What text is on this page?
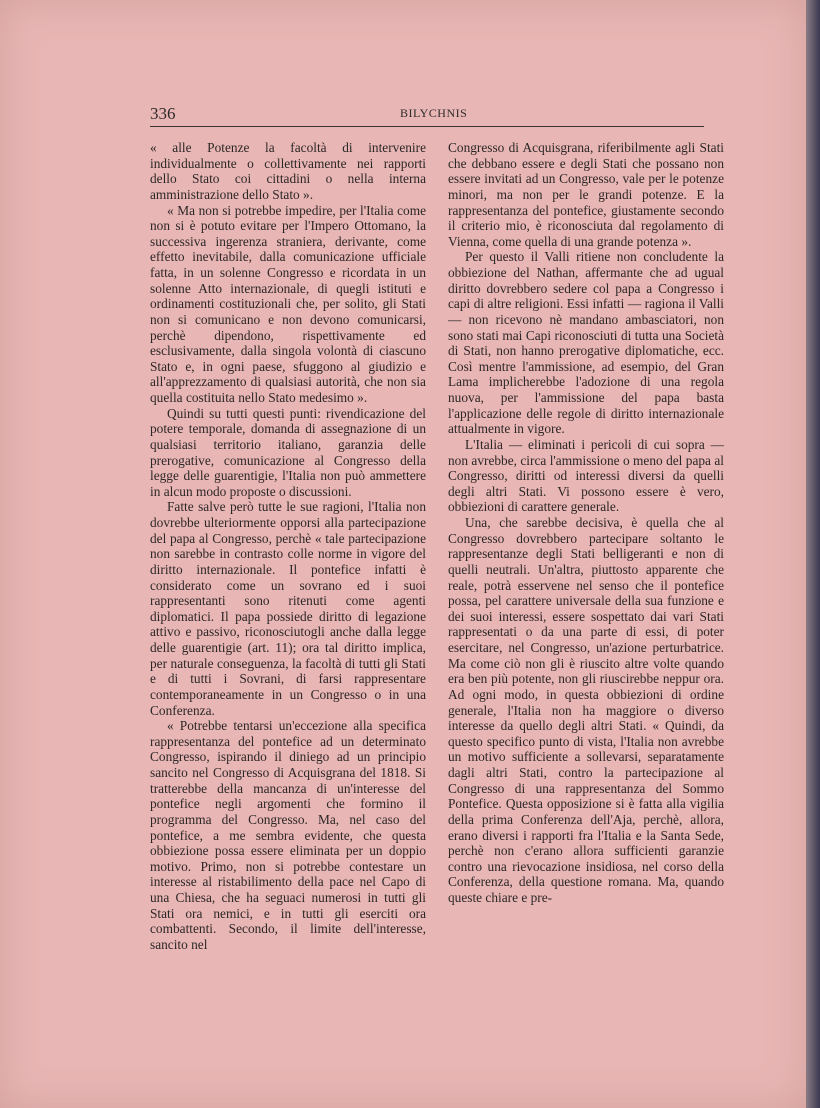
336	BILYCHNIS

« alle Potenze la facoltà di intervenire individualmente o collettivamente nei rapporti dello Stato coi cittadini o nella interna amministrazione dello Stato ».

« Ma non si potrebbe impedire, per l'Italia come non si è potuto evitare per l'Impero Ottomano, la successiva ingerenza straniera, derivante, come effetto inevitabile, dalla comunicazione ufficiale fatta, in un solenne Congresso e ricordata in un solenne Atto internazionale, di quegli istituti e ordinamenti costituzionali che, per solito, gli Stati non si comunicano e non devono comunicarsi, perchè dipendono, rispettivamente ed esclusivamente, dalla singola volontà di ciascuno Stato e, in ogni paese, sfuggono al giudizio e all'apprezzamento di qualsiasi autorità, che non sia quella costituita nello Stato medesimo ».

Quindi su tutti questi punti: rivendicazione del potere temporale, domanda di assegnazione di un qualsiasi territorio italiano, garanzia delle prerogative, comunicazione al Congresso della legge delle guarentigie, l'Italia non può ammettere in alcun modo proposte o discussioni.

Fatte salve però tutte le sue ragioni, l'Italia non dovrebbe ulteriormente opporsi alla partecipazione del papa al Congresso, perchè « tale partecipazione non sarebbe in contrasto colle norme in vigore del diritto internazionale. Il pontefice infatti è considerato come un sovrano ed i suoi rappresentanti sono ritenuti come agenti diplomatici. Il papa possiede diritto di legazione attivo e passivo, riconosciutogli anche dalla legge delle guarentigie (art. 11); ora tal diritto implica, per naturale conseguenza, la facoltà di tutti gli Stati e di tutti i Sovrani, di farsi rappresentare contemporaneamente in un Congresso o in una Conferenza.

« Potrebbe tentarsi un'eccezione alla specifica rappresentanza del pontefice ad un determinato Congresso, ispirando il diniego ad un principio sancito nel Congresso di Acquisgrana del 1818. Si tratterebbe della mancanza di un'interesse del pontefice negli argomenti che formino il programma del Congresso. Ma, nel caso del pontefice, a me sembra evidente, che questa obbiezione possa essere eliminata per un doppio motivo. Primo, non si potrebbe contestare un interesse al ristabilimento della pace nel Capo di una Chiesa, che ha seguaci numerosi in tutti gli Stati ora nemici, e in tutti gli eserciti ora combattenti. Secondo, il limite dell'interesse, sancito nel

Congresso di Acquisgrana, riferibilmente agli Stati che debbano essere e degli Stati che possano non essere invitati ad un Congresso, vale per le potenze minori, ma non per le grandi potenze. E la rappresentanza del pontefice, giustamente secondo il criterio mio, è riconosciuta dal regolamento di Vienna, come quella di una grande potenza ».

Per questo il Valli ritiene non concludente la obbiezione del Nathan, affermante che ad ugual diritto dovrebbero sedere col papa a Congresso i capi di altre religioni. Essi infatti — ragiona il Valli — non ricevono nè mandano ambasciatori, non sono stati mai Capi riconosciuti di tutta una Società di Stati, non hanno prerogative diplomatiche, ecc. Così mentre l'ammissione, ad esempio, del Gran Lama implicherebbe l'adozione di una regola nuova, per l'ammissione del papa basta l'applicazione delle regole di diritto internazionale attualmente in vigore.

L'Italia — eliminati i pericoli di cui sopra — non avrebbe, circa l'ammissione o meno del papa al Congresso, diritti od interessi diversi da quelli degli altri Stati. Vi possono essere è vero, obbiezioni di carattere generale.

Una, che sarebbe decisiva, è quella che al Congresso dovrebbero partecipare soltanto le rappresentanze degli Stati belligeranti e non di quelli neutrali. Un'altra, piuttosto apparente che reale, potrà esservene nel senso che il pontefice possa, pel carattere universale della sua funzione e dei suoi interessi, essere sospettato dai vari Stati rappresentati o da una parte di essi, di poter esercitare, nel Congresso, un'azione perturbatrice. Ma come ciò non gli è riuscito altre volte quando era ben più potente, non gli riuscirebbe neppur ora. Ad ogni modo, in questa obbiezioni di ordine generale, l'Italia non ha maggiore o diverso interesse da quello degli altri Stati. « Quindi, da questo specifico punto di vista, l'Italia non avrebbe un motivo sufficiente a sollevarsi, separatamente dagli altri Stati, contro la partecipazione al Congresso di una rappresentanza del Sommo Pontefice. Questa opposizione si è fatta alla vigilia della prima Conferenza dell'Aja, perchè, allora, erano diversi i rapporti fra l'Italia e la Santa Sede, perchè non c'erano allora sufficienti garanzie contro una rievocazione insidiosa, nel corso della Conferenza, della questione romana. Ma, quando queste chiare e pre-
